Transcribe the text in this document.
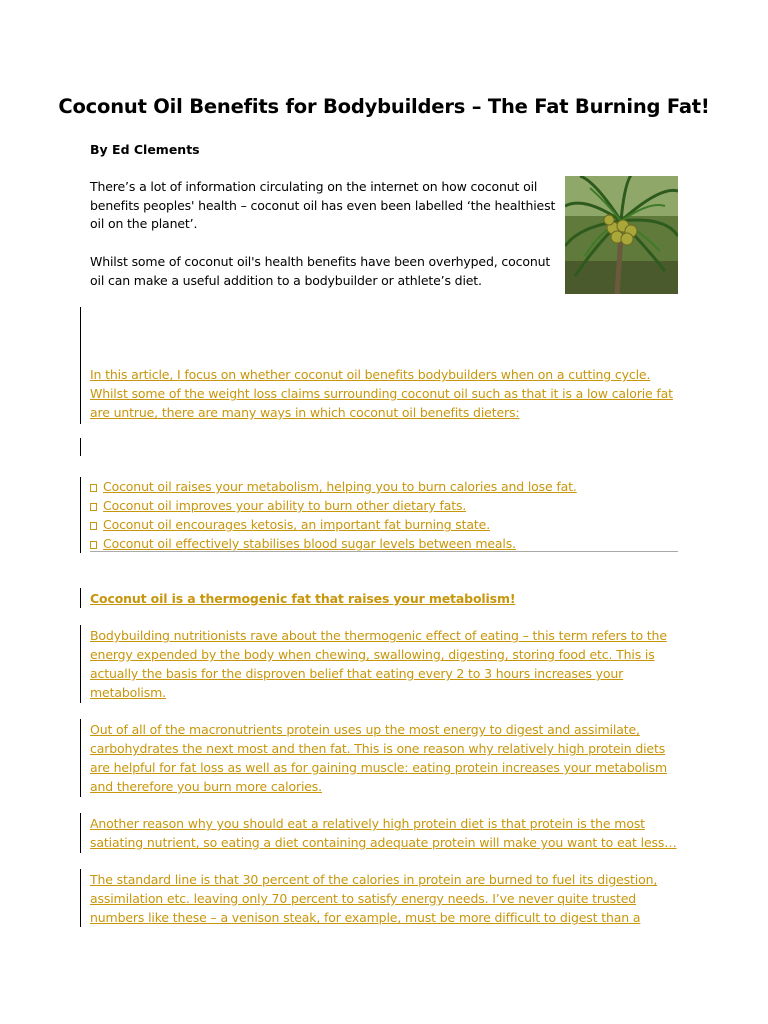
Coconut Oil Benefits for Bodybuilders – The Fat Burning Fat!
By Ed Clements
There’s a lot of information circulating on the internet on how coconut oil benefits peoples' health – coconut oil has even been labelled ‘the healthiest oil on the planet’.
Whilst some of coconut oil's health benefits have been overhyped, coconut oil can make a useful addition to a bodybuilder or athlete’s diet.
In this article, I focus on whether coconut oil benefits bodybuilders when on a cutting cycle.
Whilst some of the weight loss claims surrounding coconut oil such as that it is a low calorie fat
are untrue, there are many ways in which coconut oil benefits dieters:
Coconut oil raises your metabolism, helping you to burn calories and lose fat.
Coconut oil improves your ability to burn other dietary fats.
Coconut oil encourages ketosis, an important fat burning state.
Coconut oil effectively stabilises blood sugar levels between meals.
Coconut oil is a thermogenic fat that raises your metabolism!
Bodybuilding nutritionists rave about the thermogenic effect of eating – this term refers to the
energy expended by the body when chewing, swallowing, digesting, storing food etc. This is
actually the basis for the disproven belief that eating every 2 to 3 hours increases your
metabolism.
Out of all of the macronutrients protein uses up the most energy to digest and assimilate,
carbohydrates the next most and then fat. This is one reason why relatively high protein diets
are helpful for fat loss as well as for gaining muscle: eating protein increases your metabolism
and therefore you burn more calories.
Another reason why you should eat a relatively high protein diet is that protein is the most
satiating nutrient, so eating a diet containing adequate protein will make you want to eat less…
The standard line is that 30 percent of the calories in protein are burned to fuel its digestion,
assimilation etc. leaving only 70 percent to satisfy energy needs. I’ve never quite trusted
numbers like these – a venison steak, for example, must be more difficult to digest than a
